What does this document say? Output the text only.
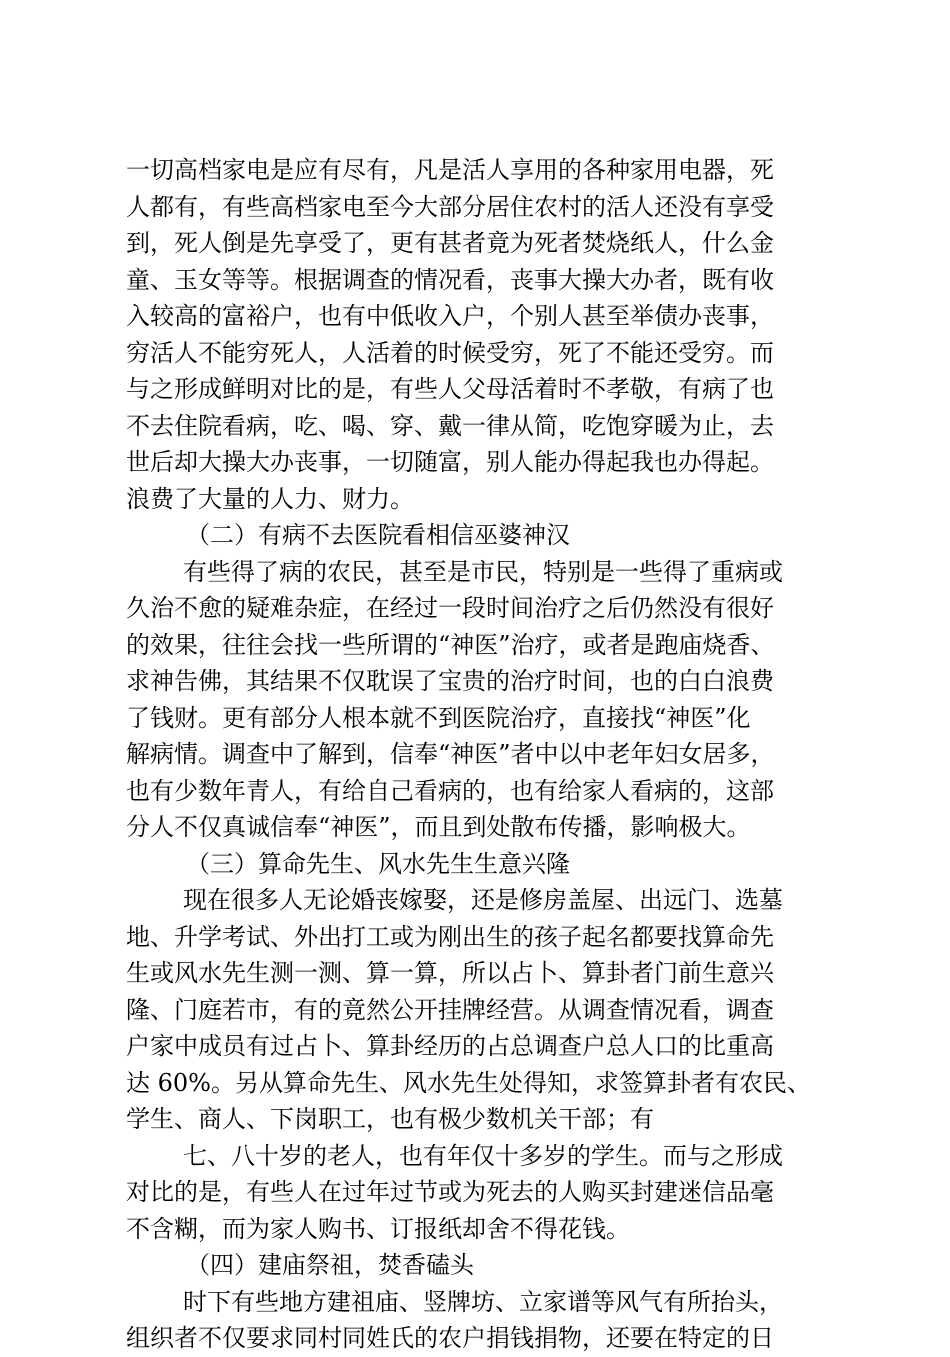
一切高档家电是应有尽有，凡是活人享用的各种家用电器，死
人都有，有些高档家电至今大部分居住农村的活人还没有享受
到，死人倒是先享受了，更有甚者竟为死者焚烧纸人，什么金
童、玉女等等。根据调查的情况看，丧事大操大办者，既有收
入较高的富裕户，也有中低收入户，个别人甚至举债办丧事，
穷活人不能穷死人，人活着的时候受穷，死了不能还受穷。而
与之形成鲜明对比的是，有些人父母活着时不孝敬，有病了也
不去住院看病，吃、喝、穿、戴一律从简，吃饱穿暖为止，去
世后却大操大办丧事，一切随富，别人能办得起我也办得起。
浪费了大量的人力、财力。
（二）有病不去医院看相信巫婆神汉
有些得了病的农民，甚至是市民，特别是一些得了重病或
久治不愈的疑难杂症，在经过一段时间治疗之后仍然没有很好
的效果，往往会找一些所谓的“神医”治疗，或者是跑庙烧香、
求神告佛，其结果不仅耽误了宝贵的治疗时间，也的白白浪费
了钱财。更有部分人根本就不到医院治疗，直接找“神医”化
解病情。调查中了解到，信奉“神医”者中以中老年妇女居多，
也有少数年青人，有给自己看病的，也有给家人看病的，这部
分人不仅真诚信奉“神医”，而且到处散布传播，影响极大。
（三）算命先生、风水先生生意兴隆
现在很多人无论婚丧嫁娶，还是修房盖屋、出远门、选墓
地、升学考试、外出打工或为刚出生的孩子起名都要找算命先
生或风水先生测一测、算一算，所以占卜、算卦者门前生意兴
隆、门庭若市，有的竟然公开挂牌经营。从调查情况看，调查
户家中成员有过占卜、算卦经历的占总调查户总人口的比重高
达 60%。另从算命先生、风水先生处得知，求签算卦者有农民、
学生、商人、下岗职工，也有极少数机关干部；有
七、八十岁的老人，也有年仅十多岁的学生。而与之形成
对比的是，有些人在过年过节或为死去的人购买封建迷信品毫
不含糊，而为家人购书、订报纸却舍不得花钱。
（四）建庙祭祖，焚香磕头
时下有些地方建祖庙、竖牌坊、立家谱等风气有所抬头，
组织者不仅要求同村同姓氏的农户捐钱捐物，还要在特定的日
